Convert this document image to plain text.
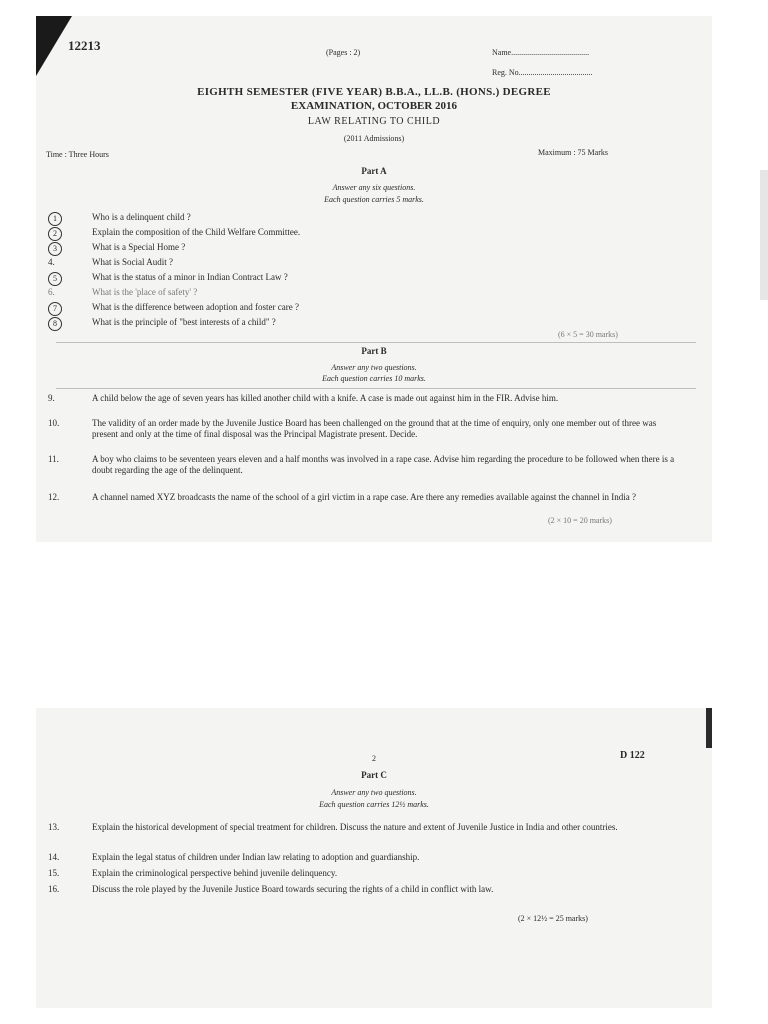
12213	(Pages : 2)	Name.......................................
Reg. No.....................................
EIGHTH SEMESTER (FIVE YEAR) B.B.A., LL.B. (HONS.) DEGREE
EXAMINATION, OCTOBER 2016
LAW RELATING TO CHILD
(2011 Admissions)
Time : Three Hours	Maximum : 75 Marks
Part A
Answer any six questions.
Each question carries 5 marks.
1	Who is a delinquent child ?
2	Explain the composition of the Child Welfare Committee.
3	What is a Special Home ?
4.	What is Social Audit ?
5	What is the status of a minor in Indian Contract Law ?
6.	What is the 'place of safety' ?
7	What is the difference between adoption and foster care ?
8	What is the principle of "best interests of a child" ?
(6 × 5 = 30 marks)
Part B
Answer any two questions.
Each question carries 10 marks.
9.	A child below the age of seven years has killed another child with a knife. A case is made out against him in the FIR. Advise him.
10.	The validity of an order made by the Juvenile Justice Board has been challenged on the ground that at the time of enquiry, only one member out of three was present and only at the time of final disposal was the Principal Magistrate present. Decide.
11.	A boy who claims to be seventeen years eleven and a half months was involved in a rape case. Advise him regarding the procedure to be followed when there is a doubt regarding the age of the delinquent.
12.	A channel named XYZ broadcasts the name of the school of a girl victim in a rape case. Are there any remedies available against the channel in India ?
(2 × 10 = 20 marks)
2	D 122
Part C
Answer any two questions.
Each question carries 12½ marks.
13.	Explain the historical development of special treatment for children. Discuss the nature and extent of Juvenile Justice in India and other countries.
14.	Explain the legal status of children under Indian law relating to adoption and guardianship.
15.	Explain the criminological perspective behind juvenile delinquency.
16.	Discuss the role played by the Juvenile Justice Board towards securing the rights of a child in conflict with law.
(2 × 12½ = 25 marks)
